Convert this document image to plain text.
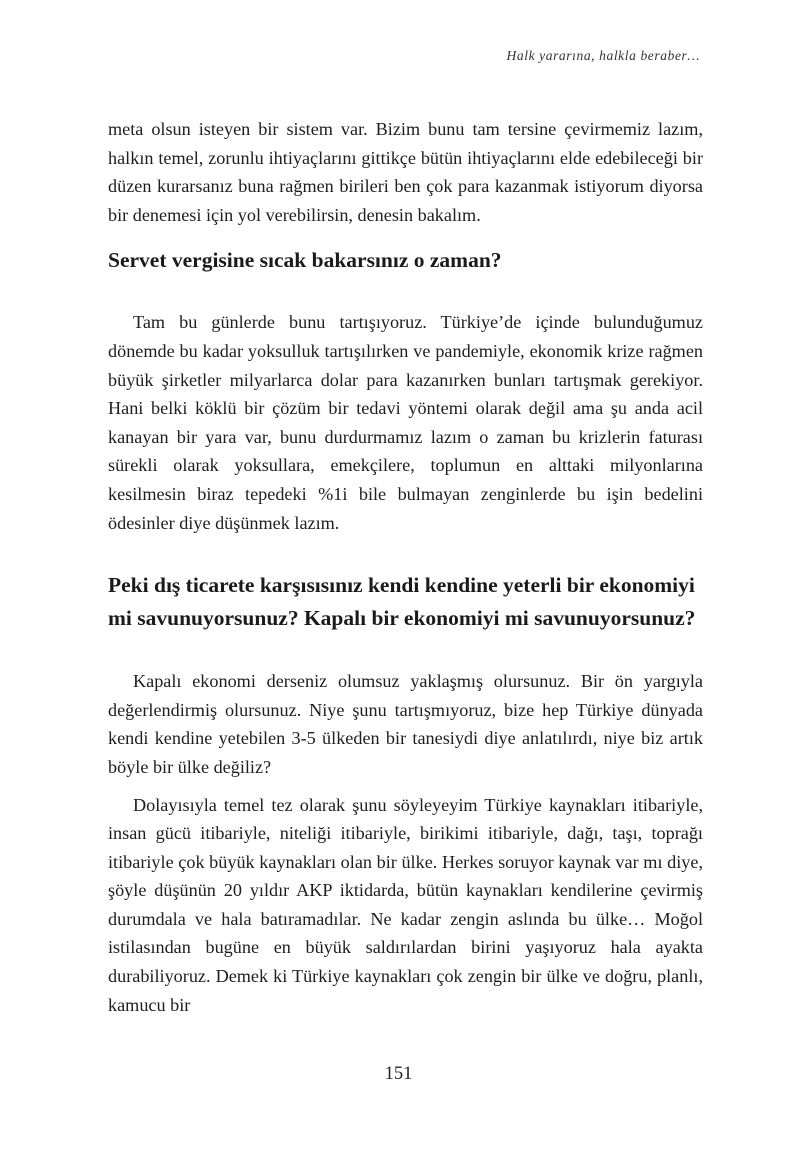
Halk yararına, halkla beraber…

meta olsun isteyen bir sistem var. Bizim bunu tam tersine çevirmemiz lazım, halkın temel, zorunlu ihtiyaçlarını gittikçe bütün ihtiyaçlarını elde edebileceği bir düzen kurarsanız buna rağmen birileri ben çok para kazanmak istiyorum diyorsa bir denemesi için yol verebilirsin, denesin bakalım.

Servet vergisine sıcak bakarsınız o zaman?

Tam bu günlerde bunu tartışıyoruz. Türkiye’de içinde bulunduğumuz dönemde bu kadar yoksulluk tartışılırken ve pandemiyle, ekonomik krize rağmen büyük şirketler milyarlarca dolar para kazanırken bunları tartışmak gerekiyor. Hani belki köklü bir çözüm bir tedavi yöntemi olarak değil ama şu anda acil kanayan bir yara var, bunu durdurmamız lazım o zaman bu krizlerin faturası sürekli olarak yoksullara, emekçilere, toplumun en alttaki milyonlarına kesilmesin biraz tepedeki %1i bile bulmayan zenginlerde bu işin bedelini ödesinler diye düşünmek lazım.

Peki dış ticarete karşısısınız kendi kendine yeterli bir ekonomiyi mi savunuyorsunuz? Kapalı bir ekonomiyi mi savunuyorsunuz?

Kapalı ekonomi derseniz olumsuz yaklaşmış olursunuz. Bir ön yargıyla değerlendirmiş olursunuz. Niye şunu tartışmıyoruz, bize hep Türkiye dünyada kendi kendine yetebilen 3-5 ülkeden bir tanesiydi diye anlatılırdı, niye biz artık böyle bir ülke değiliz?

Dolayısıyla temel tez olarak şunu söyleyeyim Türkiye kaynakları itibariyle, insan gücü itibariyle, niteliği itibariyle, birikimi itibariyle, dağı, taşı, toprağı itibariyle çok büyük kaynakları olan bir ülke. Herkes soruyor kaynak var mı diye, şöyle düşünün 20 yıldır AKP iktidarda, bütün kaynakları kendilerine çevirmiş durumdala ve hala batıramadılar. Ne kadar zengin aslında bu ülke… Moğol istilasından bugüne en büyük saldırılardan birini yaşıyoruz hala ayakta durabiliyoruz. Demek ki Türkiye kaynakları çok zengin bir ülke ve doğru, planlı, kamucu bir

151
